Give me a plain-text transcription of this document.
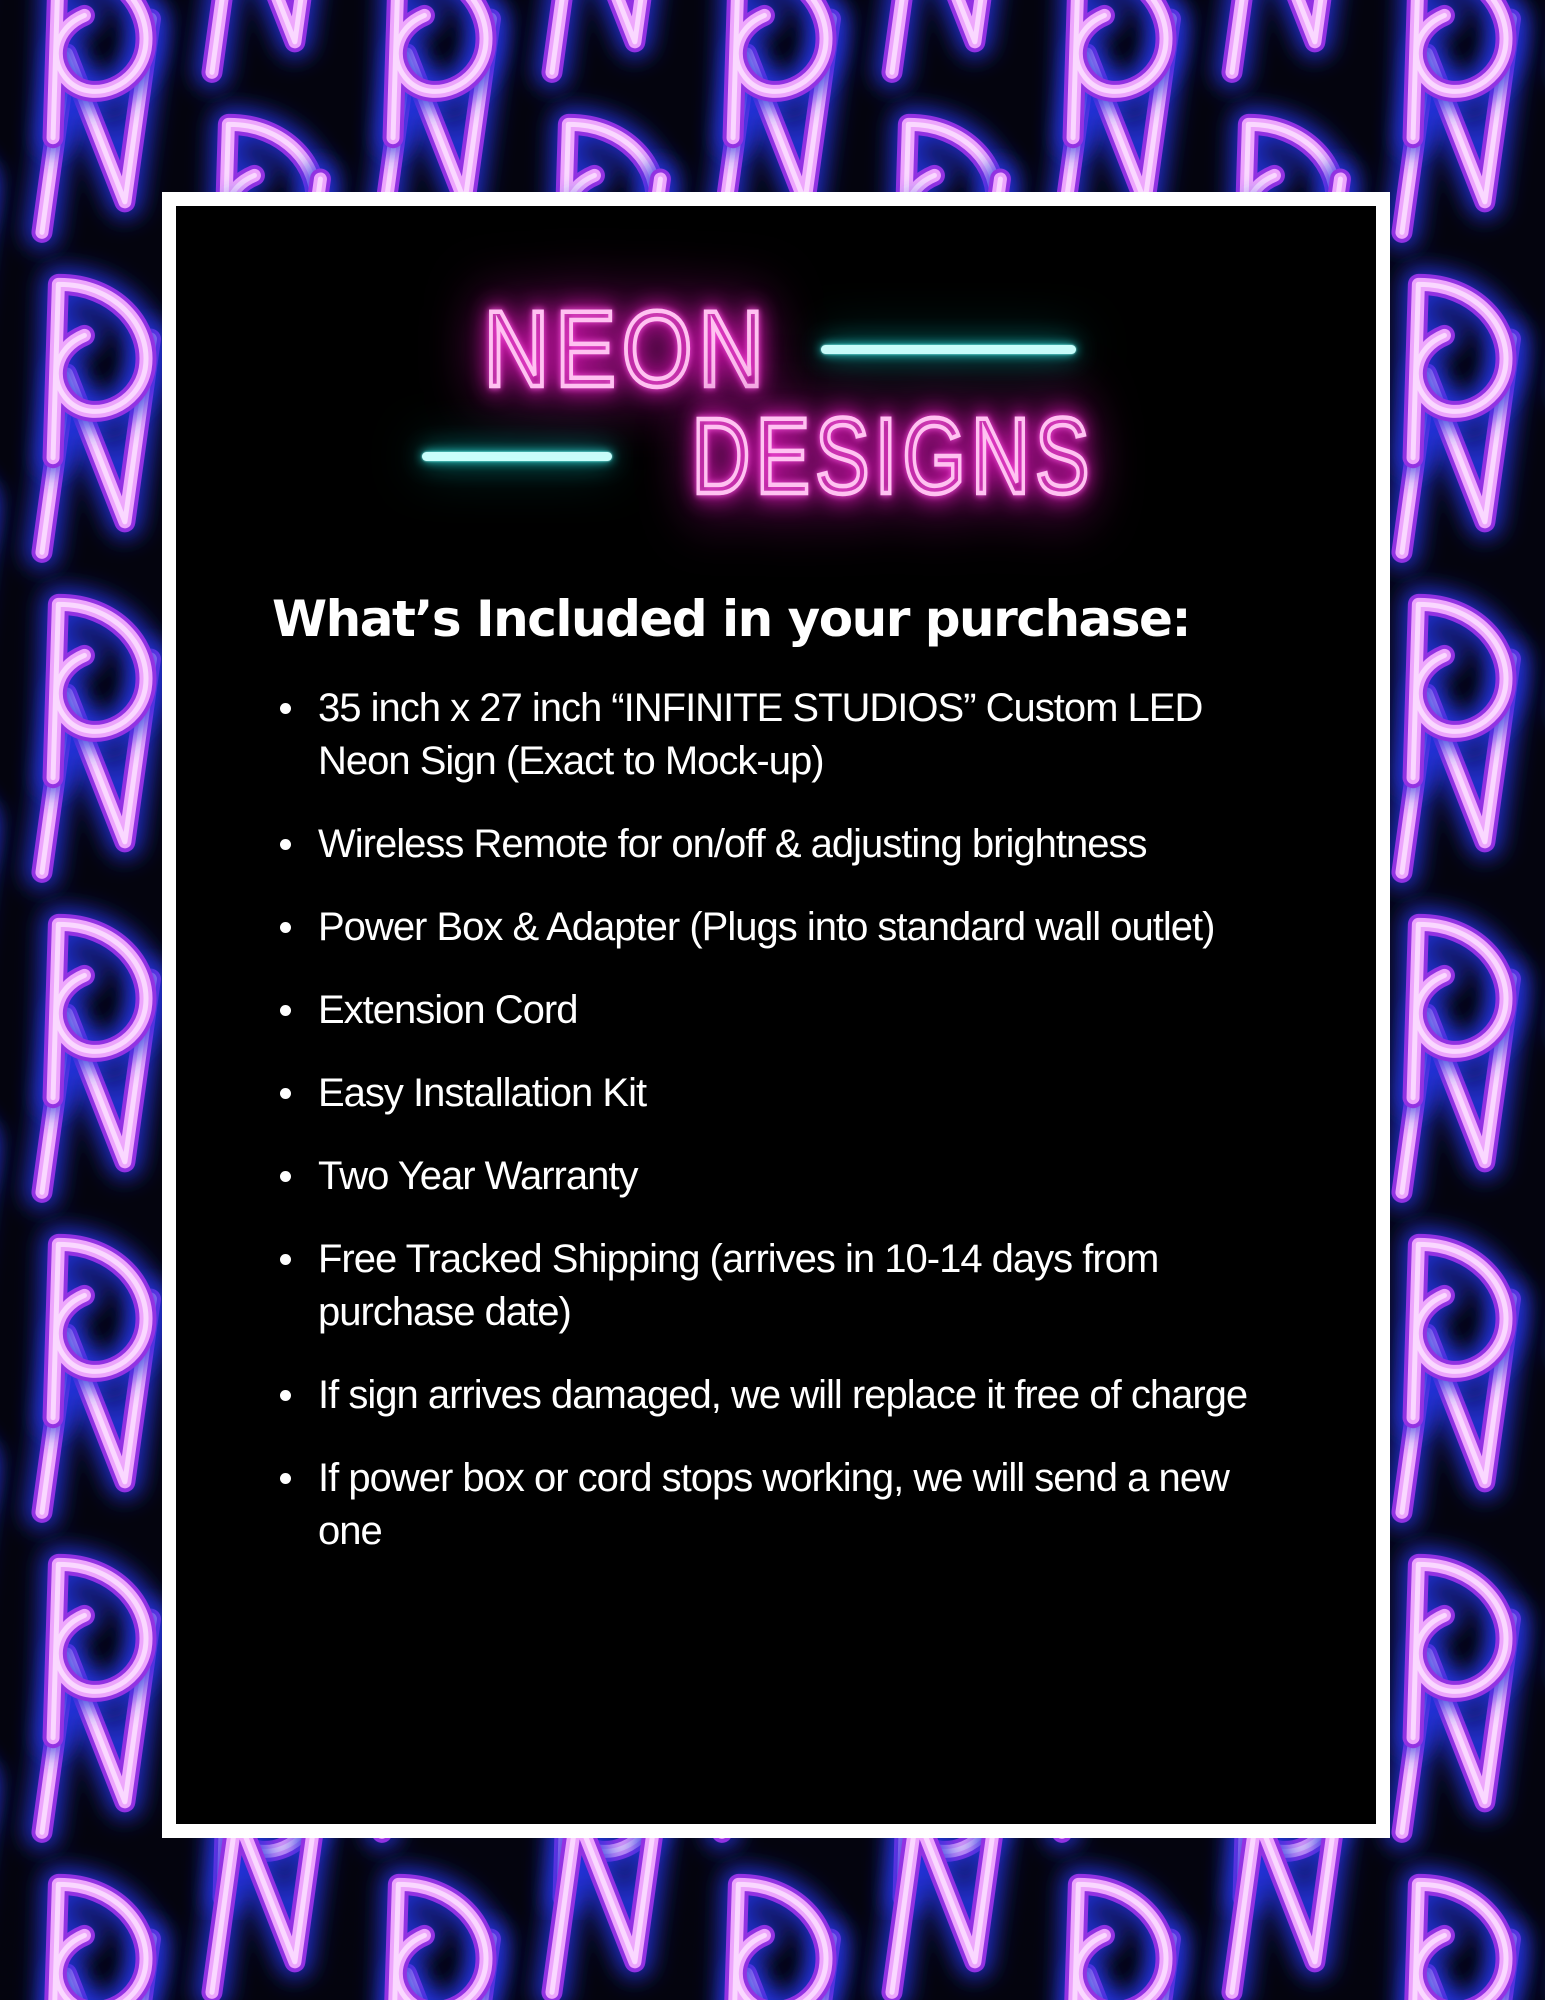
NEON
DESIGNS
What’s Included in your purchase:
35 inch x 27 inch “INFINITE STUDIOS” Custom LED Neon Sign (Exact to Mock-up)
Wireless Remote for on/off & adjusting brightness
Power Box & Adapter (Plugs into standard wall outlet)
Extension Cord
Easy Installation Kit
Two Year Warranty
Free Tracked Shipping (arrives in 10-14 days from purchase date)
If sign arrives damaged, we will replace it free of charge
If power box or cord stops working, we will send a new one
